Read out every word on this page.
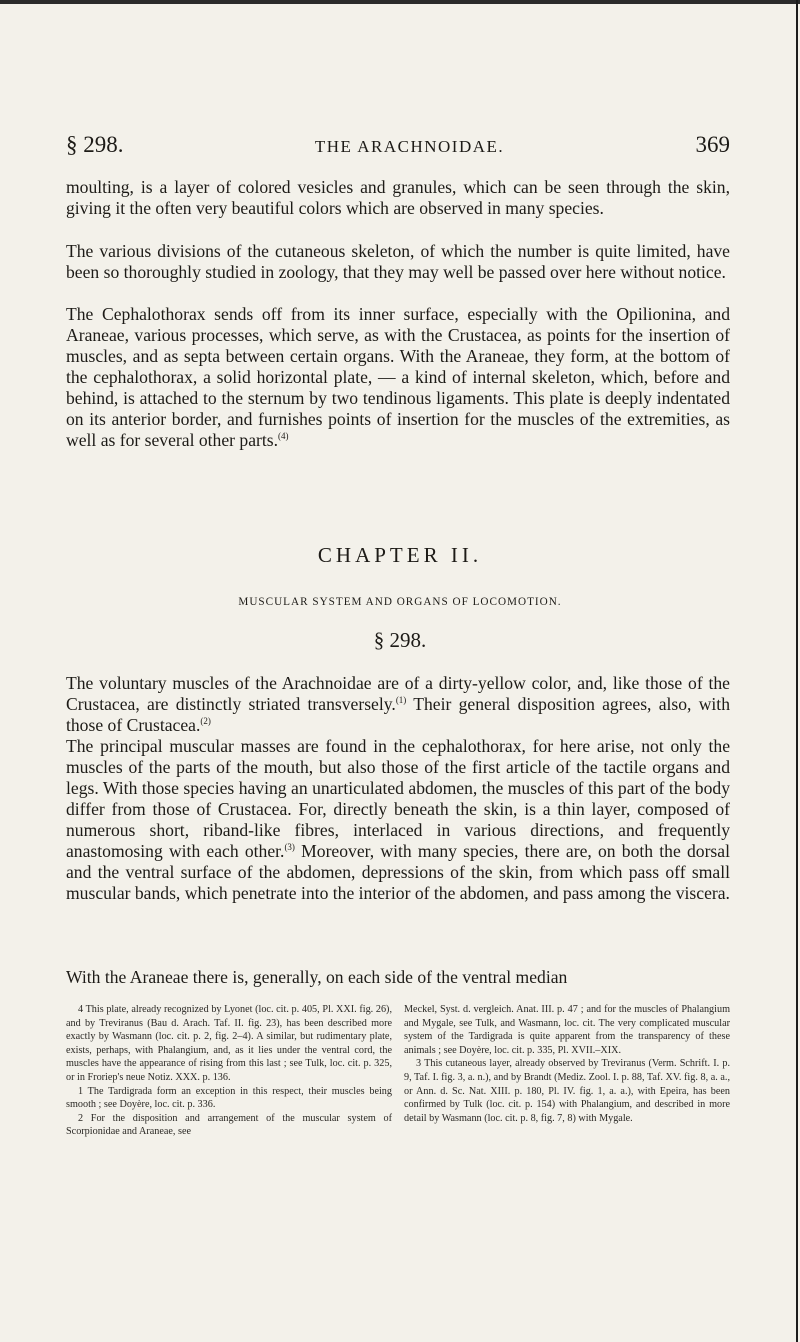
§ 298.	THE ARACHNOIDAE.	369
moulting, is a layer of colored vesicles and granules, which can be seen through the skin, giving it the often very beautiful colors which are observed in many species.
The various divisions of the cutaneous skeleton, of which the number is quite limited, have been so thoroughly studied in zoology, that they may well be passed over here without notice.
The Cephalothorax sends off from its inner surface, especially with the Opilionina, and Araneae, various processes, which serve, as with the Crustacea, as points for the insertion of muscles, and as septa between certain organs. With the Araneae, they form, at the bottom of the cephalothorax, a solid horizontal plate, — a kind of internal skeleton, which, before and behind, is attached to the sternum by two tendinous ligaments. This plate is deeply indentated on its anterior border, and furnishes points of insertion for the muscles of the extremities, as well as for several other parts.$^{(4)}$
CHAPTER II.
MUSCULAR SYSTEM AND ORGANS OF LOCOMOTION.
§ 298.
The voluntary muscles of the Arachnoidae are of a dirty-yellow color, and, like those of the Crustacea, are distinctly striated transversely.$^{(1)}$ Their general disposition agrees, also, with those of Crustacea.$^{(2)}$
The principal muscular masses are found in the cephalothorax, for here arise, not only the muscles of the parts of the mouth, but also those of the first article of the tactile organs and legs. With those species having an unarticulated abdomen, the muscles of this part of the body differ from those of Crustacea. For, directly beneath the skin, is a thin layer, composed of numerous short, riband-like fibres, interlaced in various directions, and frequently anastomosing with each other.$^{(3)}$ Moreover, with many species, there are, on both the dorsal and the ventral surface of the abdomen, depressions of the skin, from which pass off small muscular bands, which penetrate into the interior of the abdomen, and pass among the viscera.
With the Araneae there is, generally, on each side of the ventral median

4 This plate, already recognized by Lyonet (loc. cit. p. 405, Pl. XXI. fig. 26), and by Treviranus (Bau d. Arach. Taf. II. fig. 23), has been described more exactly by Wasmann (loc. cit. p. 2, fig. 2–4). A similar, but rudimentary plate, exists, perhaps, with Phalangium, and, as it lies under the ventral cord, the muscles have the appearance of rising from this last ; see Tulk, loc. cit. p. 325, or in Froriep's neue Notiz. XXX. p. 136.

1 The Tardigrada form an exception in this respect, their muscles being smooth ; see Doyère, loc. cit. p. 336.

2 For the disposition and arrangement of the muscular system of Scorpionidae and Araneae, see

Meckel, Syst. d. vergleich. Anat. III. p. 47 ; and for the muscles of Phalangium and Mygale, see Tulk, and Wasmann, loc. cit. The very complicated muscular system of the Tardigrada is quite apparent from the transparency of these animals ; see Doyère, loc. cit. p. 335, Pl. XVII.–XIX.

3 This cutaneous layer, already observed by Treviranus (Verm. Schrift. I. p. 9, Taf. I. fig. 3, a. n.), and by Brandt (Mediz. Zool. I. p. 88, Taf. XV. fig. 8, a. a., or Ann. d. Sc. Nat. XIII. p. 180, Pl. IV. fig. 1, a. a.), with Epeira, has been confirmed by Tulk (loc. cit. p. 154) with Phalangium, and described in more detail by Wasmann (loc. cit. p. 8, fig. 7, 8) with Mygale.
